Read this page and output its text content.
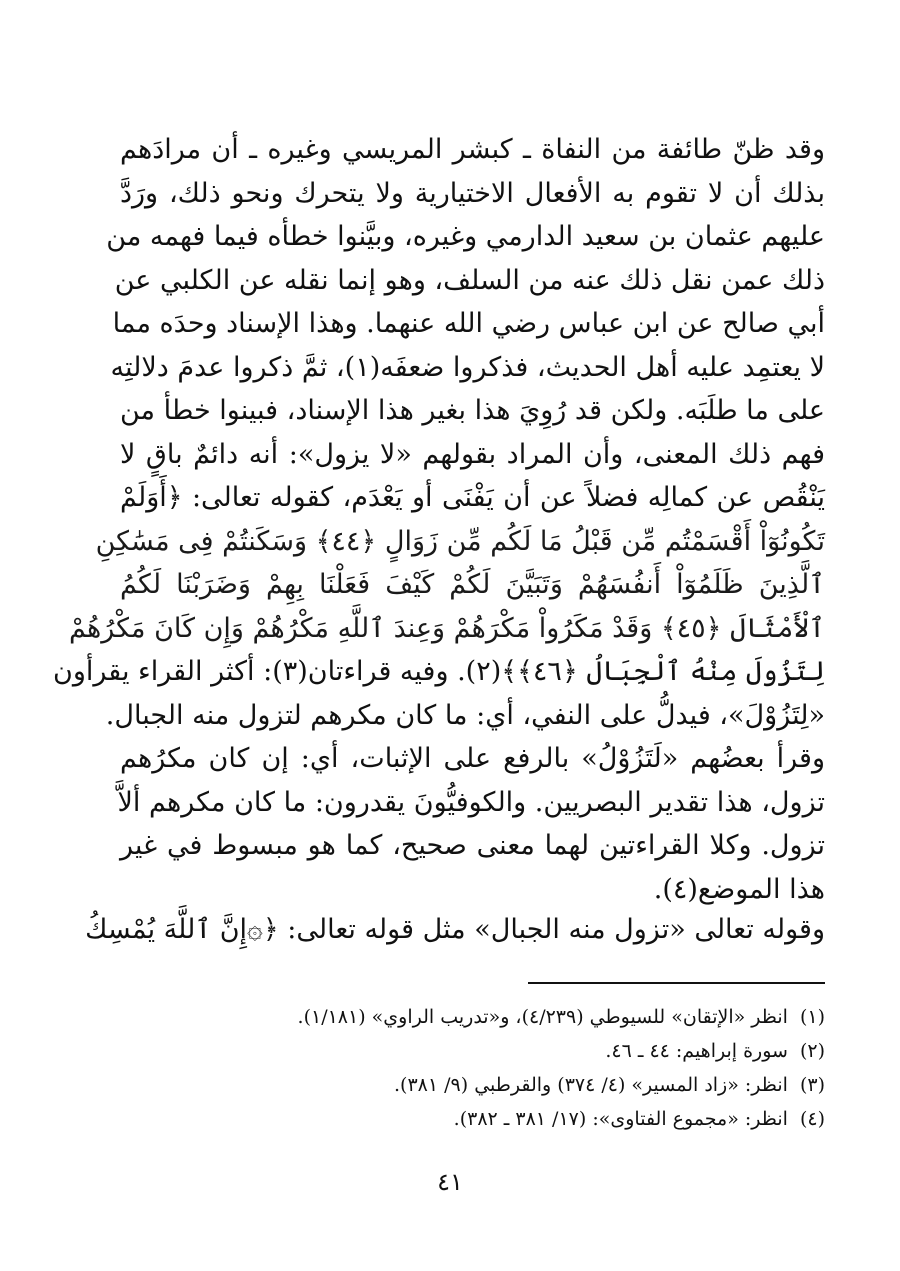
وقد ظنّ طائفة من النفاة ـ كبشر المريسي وغيره ـ أن مرادَهم
بذلك أن لا تقوم به الأفعال الاختيارية ولا يتحرك ونحو ذلك، ورَدَّ
عليهم عثمان بن سعيد الدارمي وغيره، وبيَّنوا خطأه فيما فهمه من
ذلك عمن نقل ذلك عنه من السلف، وهو إنما نقله عن الكلبي عن
أبي صالح عن ابن عباس رضي الله عنهما. وهذا الإسناد وحدَه مما
لا يعتمِد عليه أهل الحديث، فذكروا ضعفَه(١)، ثمَّ ذكروا عدمَ دلالتِه
على ما طلَبَه. ولكن قد رُوِيَ هذا بغير هذا الإسناد، فبينوا خطأ من
فهم ذلك المعنى، وأن المراد بقولهم «لا يزول»: أنه دائمٌ باقٍ لا
يَنْقُص عن كمالِه فضلاً عن أن يَفْنَى أو يَعْدَم، كقوله تعالى: ﴿أَوَلَمْ
تَكُونُوٓاْ أَقْسَمْتُم مِّن قَبْلُ مَا لَكُم مِّن زَوَالٍ ﴿٤٤﴾ وَسَكَنتُمْ فِى مَسَٰكِنِ
ٱلَّذِينَ ظَلَمُوٓاْ أَنفُسَهُمْ وَتَبَيَّنَ لَكُمْ كَيْفَ فَعَلْنَا بِهِمْ وَضَرَبْنَا لَكُمُ
ٱلْأَمْثَالَ ﴿٤٥﴾ وَقَدْ مَكَرُواْ مَكْرَهُمْ وَعِندَ ٱللَّهِ مَكْرُهُمْ وَإِن كَانَ مَكْرُهُمْ
لِتَزُولَ مِنْهُ ٱلْجِبَالُ ﴿٤٦﴾﴾(٢). وفيه قراءتان(٣): أكثر القراء يقرأون
«لِتَزُوْلَ»، فيدلُّ على النفي، أي: ما كان مكرهم لتزول منه الجبال.
وقرأ بعضُهم «لَتَزُوْلُ» بالرفع على الإثبات، أي: إن كان مكرُهم
تزول، هذا تقدير البصريين. والكوفيُّونَ يقدرون: ما كان مكرهم ألاَّ
تزول. وكلا القراءتين لهما معنى صحيح، كما هو مبسوط في غير
هذا الموضع(٤).
وقوله تعالى «تزول منه الجبال» مثل قوله تعالى: ﴿۞إِنَّ ٱللَّهَ يُمْسِكُ
(١)انظر «الإتقان» للسيوطي (٤/٢٣٩)، و«تدريب الراوي» (١/١٨١).
(٢)سورة إبراهيم: ٤٤ ـ ٤٦.
(٣)انظر: «زاد المسير» (٤/ ٣٧٤) والقرطبي (٩/ ٣٨١).
(٤)انظر: «مجموع الفتاوى»: (١٧/ ٣٨١ ـ ٣٨٢).
٤١
